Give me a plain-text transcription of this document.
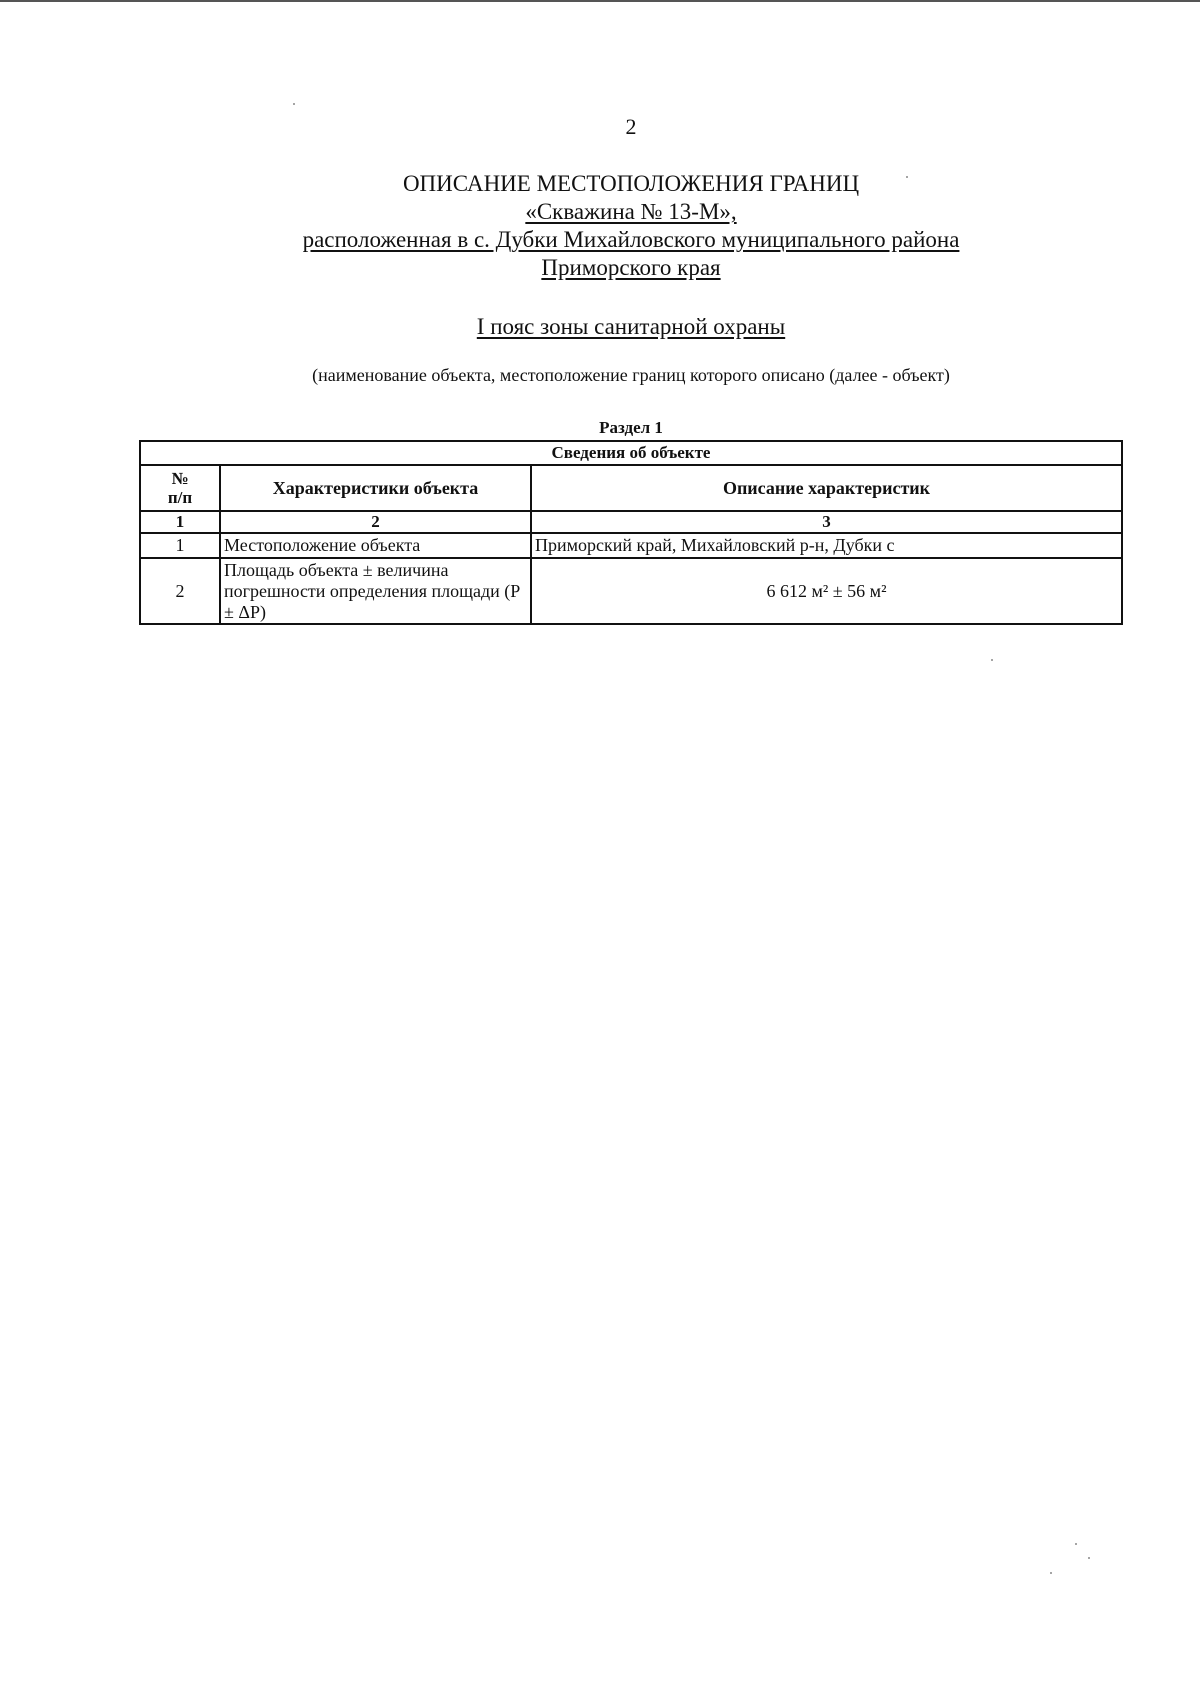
2
ОПИСАНИЕ МЕСТОПОЛОЖЕНИЯ ГРАНИЦ
«Скважина № 13-М»,
расположенная в с. Дубки Михайловского муниципального района
Приморского края
I пояс зоны санитарной охраны
(наименование объекта, местоположение границ которого описано (далее - объект)
Раздел 1
Сведения об объекте		
№
п/п	Характеристики объекта	Описание характеристик
1	2	3
1	Местоположение объекта	Приморский край, Михайловский р-н, Дубки с
2	Площадь объекта ± величина погрешности определения площади (Р ± ΔР)	6 612 м² ± 56 м²
